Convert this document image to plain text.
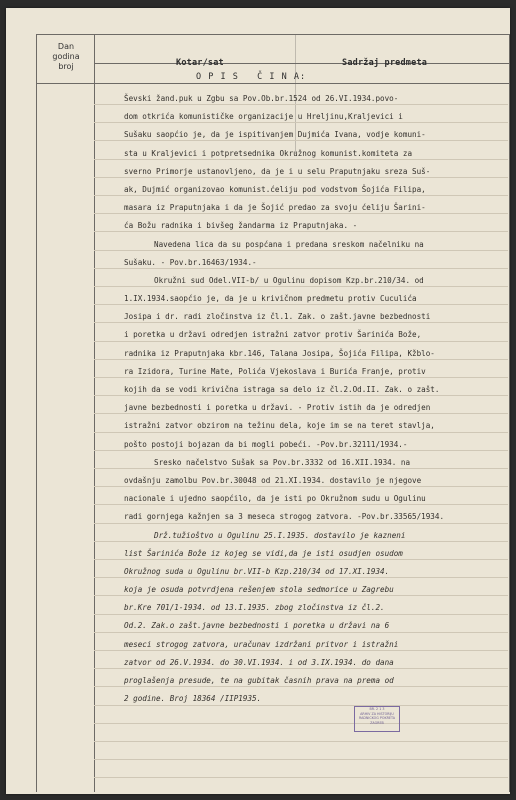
Dan
godina
broj	Kotar/sat	Sadržaj predmeta
O P I S   Č I N A:
Ševski žand.puk u Zgbu sa Pov.Ob.br.1524 od 26.VI.1934.povo-
dom otkrića komunističke organizacije u Hreljinu,Kraljevici i
Sušaku saopćio je, da je ispitivanjem Dujmića Ivana, vodje komuni-
sta u Kraljevici i potpretsednika Okružnog komunist.komiteta za
sverno Primorje ustanovljeno, da je i u selu Praputnjaku sreza Suš-
ak, Dujmić organizovao komunist.ćeliju pod vodstvom Šojića Filipa,
masara iz Praputnjaka i da je Šojić predao za svoju ćeliju Šarini-
ća Božu radnika i bivšeg žandarma iz Praputnjaka. -
Navedena lica da su pospćana i predana sreskom načelniku na
Sušaku. - Pov.br.16463/1934.-
Okružni sud Odel.VII-b/ u Ogulinu dopisom Kzp.br.210/34. od
1.IX.1934.saopćio je, da je u krivičnom predmetu protiv Cuculića
Josipa i dr. radi zločinstva iz čl.1. Zak. o zašt.javne bezbednosti
i poretka u državi odredjen istražni zatvor protiv Šarinića Bože,
radnika iz Praputnjaka kbr.146, Talana Josipa, Šojića Filipa, Kžblo-
ra Izidora, Turine Mate, Polića Vjekoslava i Burića Franje, protiv
kojih da se vodi krivična istraga sa delo iz čl.2.Od.II. Zak. o zašt.
javne bezbednosti i poretka u državi. - Protiv istih da je odredjen
istražni zatvor obzirom na težinu dela, koje im se na teret stavlja,
pošto postoji bojazan da bi mogli pobeći. -Pov.br.32111/1934.-
Sresko načelstvo Sušak sa Pov.br.3332 od 16.XII.1934. na
ovdašnju zamolbu Pov.br.30048 od 21.XI.1934. dostavilo je njegove
nacionale i ujedno saopćilo, da je isti po Okružnom sudu u Ogulinu
radi gornjega kažnjen sa 3 meseca strogog zatvora. -Pov.br.33565/1934.
Drž.tužioštvo u Ogulinu 25.I.1935. dostavilo je kazneni
list Šarinića Bože iz kojeg se vidi,da je isti osudjen osudom
Okružnog suda u Ogulinu br.VII-b Kzp.210/34 od 17.XI.1934.
koja je osuda potvrdjena rešenjem stola sedmorice u Zagrebu
br.Kre 701/1-1934. od 13.I.1935. zbog zločinstva iz čl.2.
Od.2. Zak.o zašt.javne bezbednosti i poretka u državi na 6
meseci strogog zatvora, uračunav izdržani pritvor i istražni
zatvor od 26.V.1934. do 30.VI.1934. i od 3.IX.1934. do dana
proglašenja presude, te na gubitak časnih prava na prema od
2 godine. Broj 18364 /IIP1935.
BR. 2 1 3
ARHIV ZA HISTORIJU
RADNIČKOG POKRETA
ZAGREB
